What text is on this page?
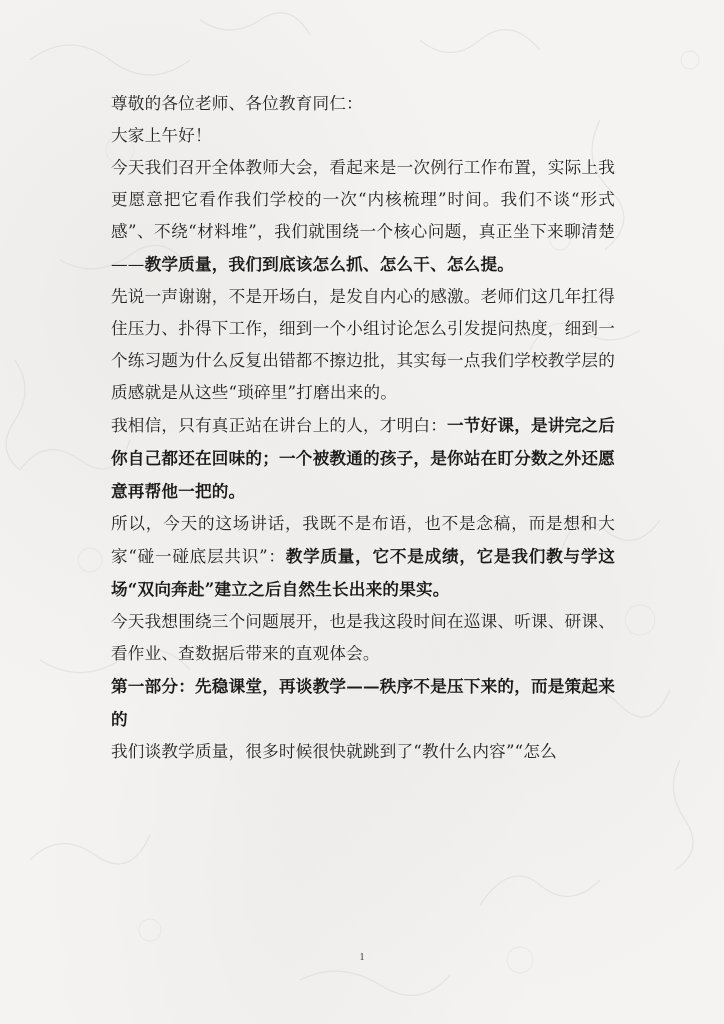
尊敬的各位老师、各位教育同仁：

大家上午好！

今天我们召开全体教师大会，看起来是一次例行工作布置，实际上我更愿意把它看作我们学校的一次“内核梳理”时间。我们不谈“形式感”、不绕“材料堆”，我们就围绕一个核心问题，真正坐下来聊清楚——教学质量，我们到底该怎么抓、怎么干、怎么提。

先说一声谢谢，不是开场白，是发自内心的感激。老师们这几年扛得住压力、扑得下工作，细到一个小组讨论怎么引发提问热度，细到一个练习题为什么反复出错都不擦边批，其实每一点我们学校教学层的质感就是从这些“琐碎里”打磨出来的。

我相信，只有真正站在讲台上的人，才明白：一节好课，是讲完之后你自己都还在回味的；一个被教通的孩子，是你站在盯分数之外还愿意再帮他一把的。

所以，今天的这场讲话，我既不是布语，也不是念稿，而是想和大家“碰一碰底层共识”：教学质量，它不是成绩，它是我们教与学这场“双向奔赴”建立之后自然生长出来的果实。

今天我想围绕三个问题展开，也是我这段时间在巡课、听课、研课、看作业、查数据后带来的直观体会。

第一部分：先稳课堂，再谈教学——秩序不是压下来的，而是策起来的

我们谈教学质量，很多时候很快就跳到了“教什么内容”“怎么

1
